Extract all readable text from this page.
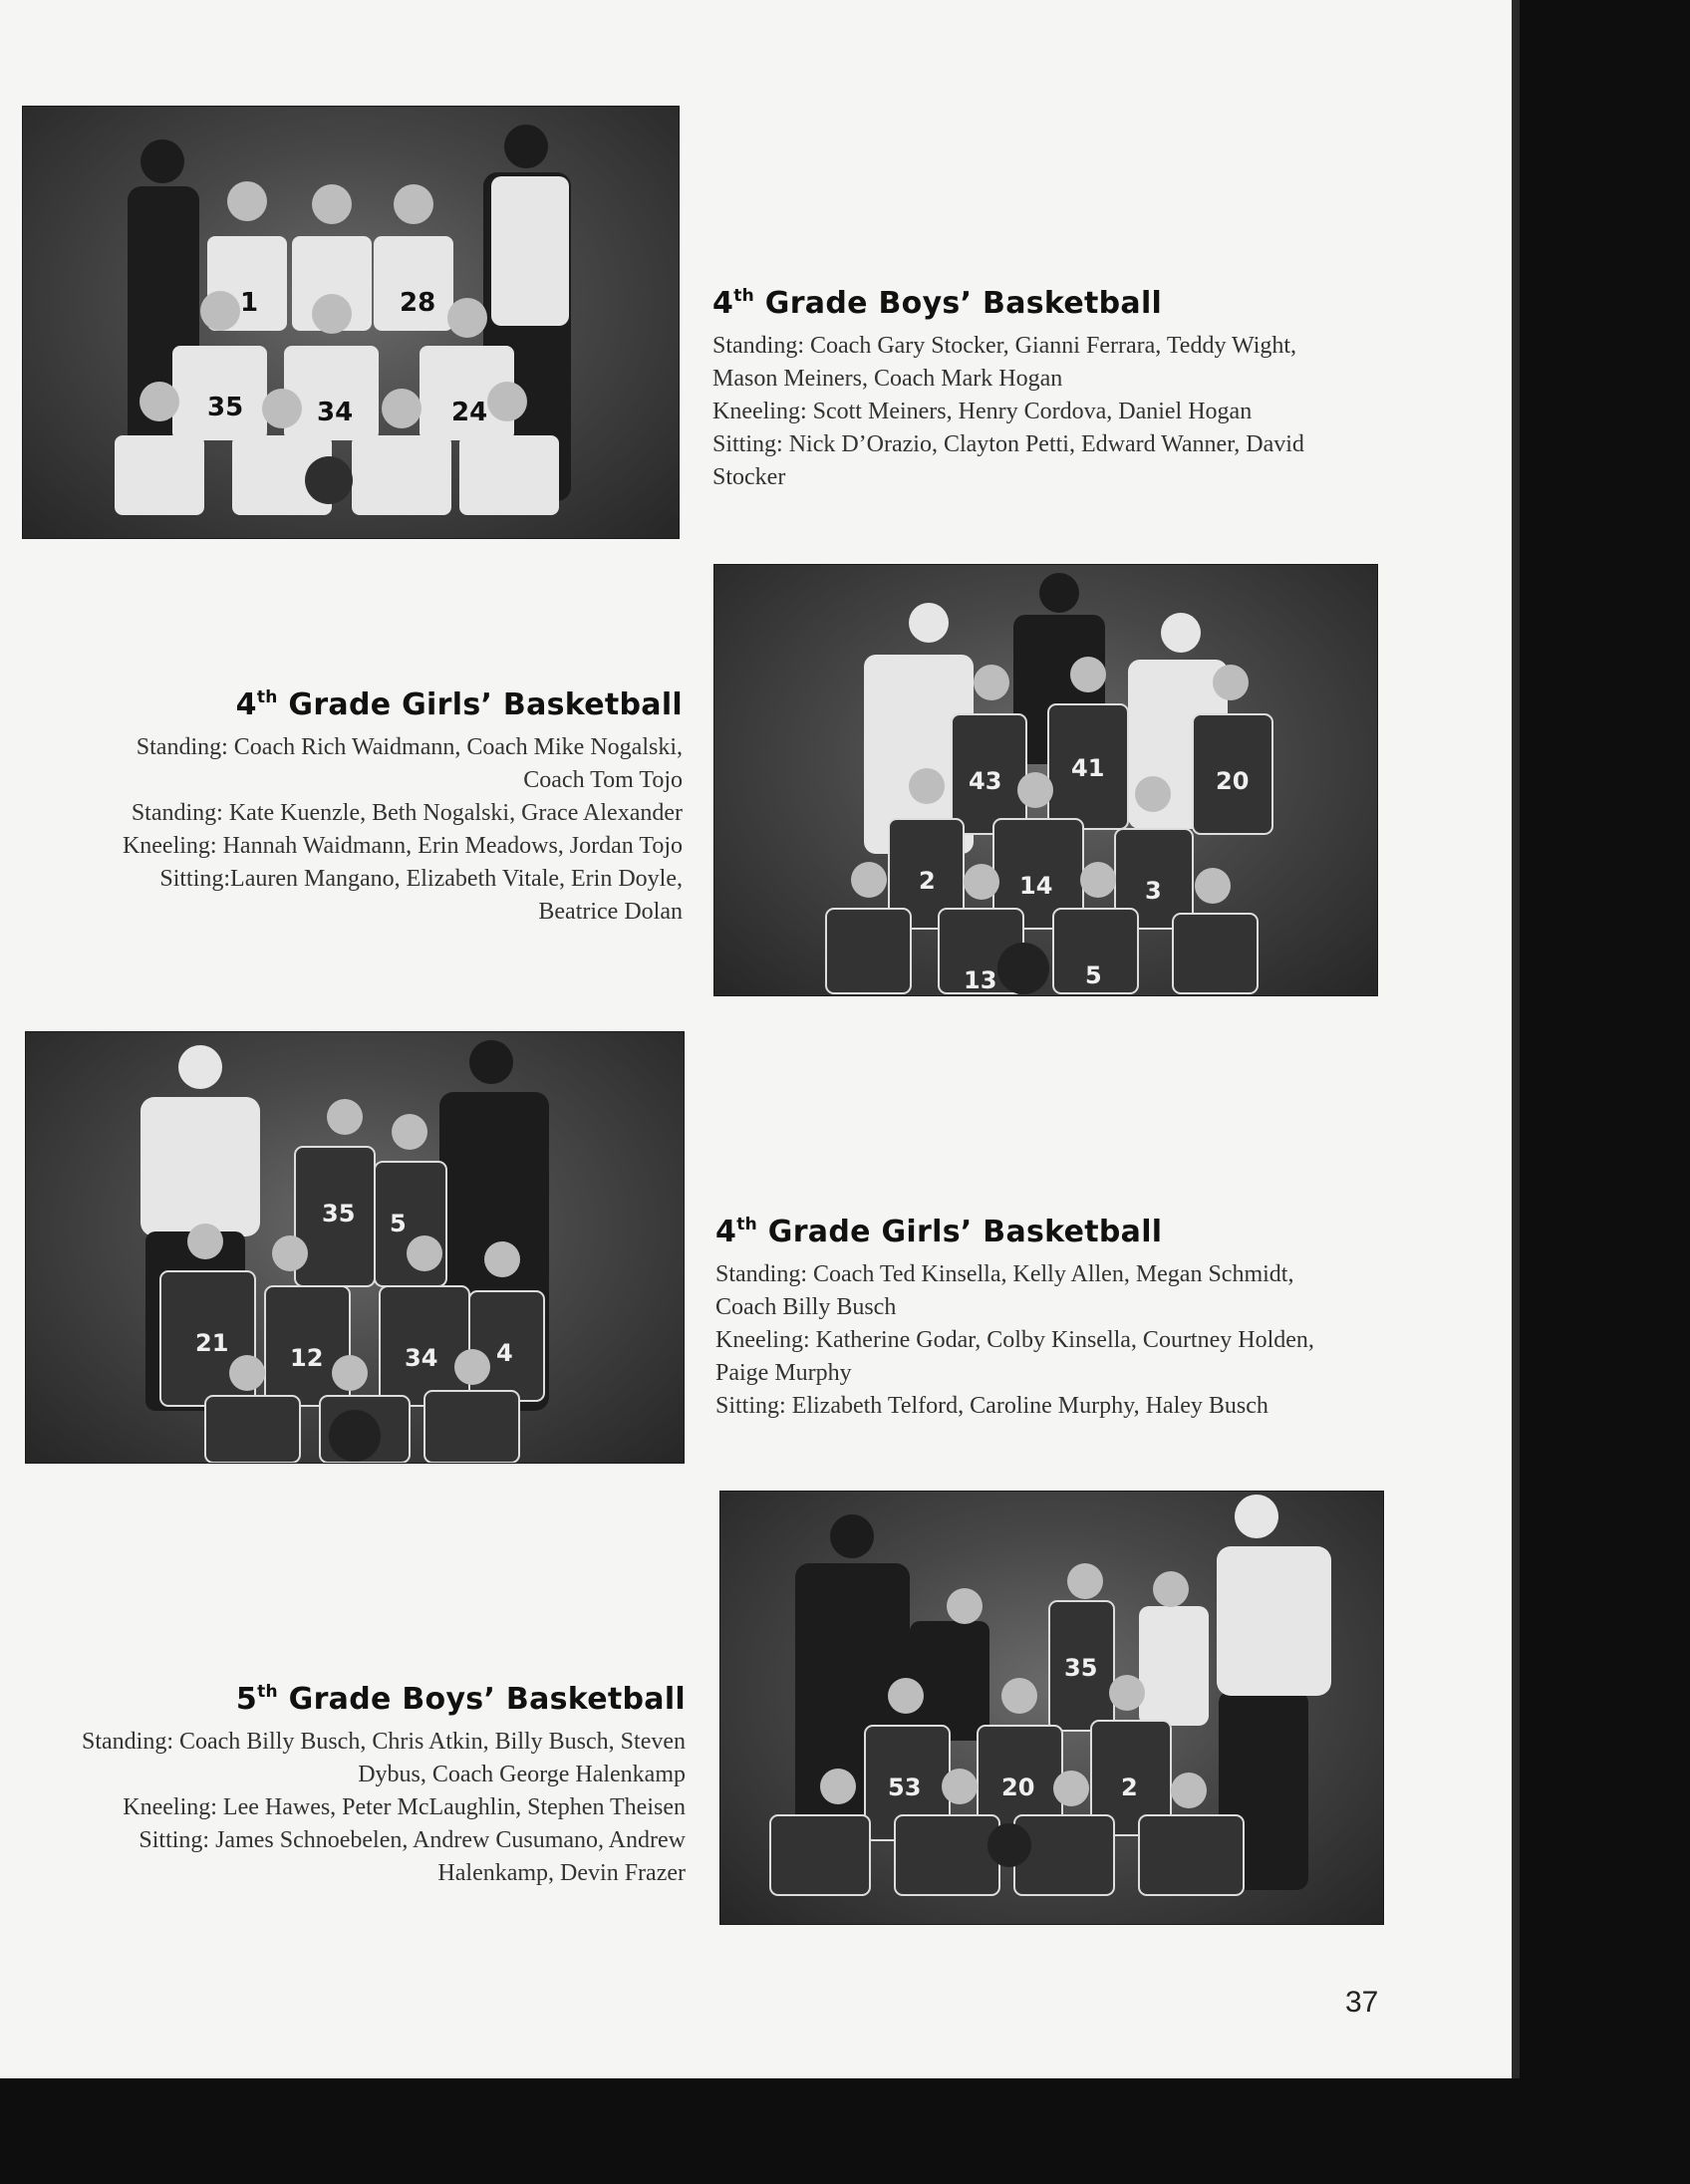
1	28
35	34	24
4th Grade Boys’ Basketball

Standing: Coach Gary Stocker, Gianni Ferrara, Teddy Wight, Mason Meiners, Coach Mark Hogan

Kneeling: Scott Meiners, Henry Cordova, Daniel Hogan

Sitting: Nick D’Orazio, Clayton Petti, Edward Wanner, David Stocker

4th Grade Girls’ Basketball

Standing: Coach Rich Waidmann, Coach Mike Nogalski, Coach Tom Tojo

Standing: Kate Kuenzle, Beth Nogalski, Grace Alexander

Kneeling: Hannah Waidmann, Erin Meadows, Jordan Tojo

Sitting:Lauren Mangano, Elizabeth Vitale, Erin Doyle, Beatrice Dolan

43	41	20
2	14	3
13	5
35 5
21
12	34 4
4th Grade Girls’ Basketball

Standing: Coach Ted Kinsella, Kelly Allen, Megan Schmidt, Coach Billy Busch

Kneeling: Katherine Godar, Colby Kinsella, Courtney Holden, Paige Murphy

Sitting: Elizabeth Telford, Caroline Murphy, Haley Busch

5th Grade Boys’ Basketball

Standing: Coach Billy Busch, Chris Atkin, Billy Busch, Steven Dybus, Coach George Halenkamp

Kneeling: Lee Hawes, Peter McLaughlin, Stephen Theisen

Sitting: James Schnoebelen, Andrew Cusumano, Andrew Halenkamp, Devin Frazer

35
53	20	2
37
